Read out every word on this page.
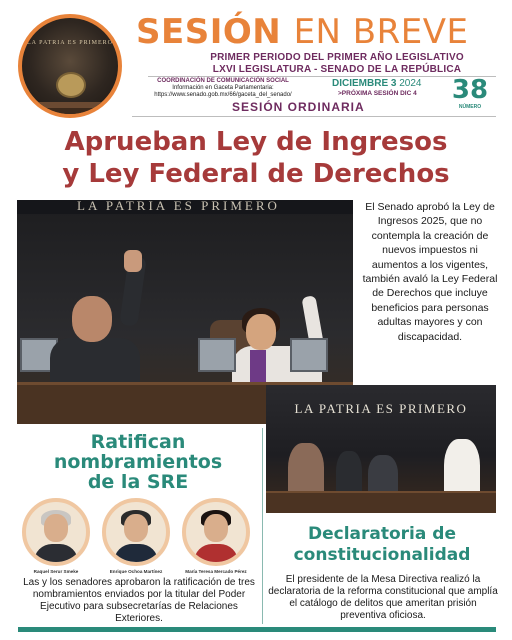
LA PATRIA ES PRIMERO SESIÓN EN BREVE
PRIMER PERIODO DEL PRIMER AÑO LEGISLATIVO
LXVI LEGISLATURA - SENADO DE LA REPÚBLICA
COORDINACIÓN DE COMUNICACIÓN SOCIAL
Información en Gaceta Parlamentaria:
https://www.senado.gob.mx/66/gaceta_del_senado/
DICIEMBRE 3 2024
>PRÓXIMA SESIÓN DIC 4 38
NÚMERO
SESIÓN ORDINARIA
Aprueban Ley de Ingresos
y Ley Federal de Derechos
LA PATRIA ES PRIMERO	El Senado aprobó la Ley de Ingresos 2025, que no contempla la creación de nuevos impuestos ni aumentos a los vigentes, también avaló la Ley Federal de Derechos que incluye beneficios para personas adultas mayores y con discapacidad.
Ratifican
nombramientos
de la SRE
Raquel Serur Smeke	Enrique Ochoa Martínez	María Teresa Mercado Pérez
Las y los senadores aprobaron la ratificación de tres nombramientos enviados por la titular del Poder Ejecutivo para subsecretarías de Relaciones Exteriores.
LA PATRIA ES PRIMERO
Declaratoria de
constitucionalidad
El presidente de la Mesa Directiva realizó la declaratoria de la reforma constitucional que amplía el catálogo de delitos que ameritan prisión preventiva oficiosa.
